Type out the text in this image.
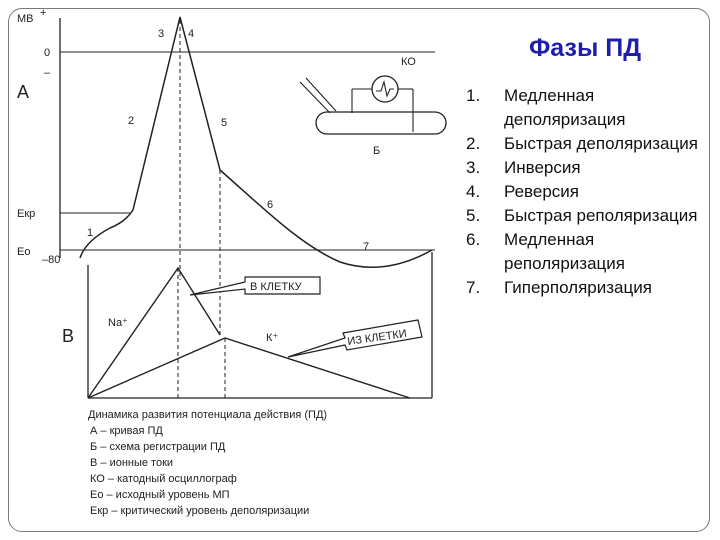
А
В
МВ +
0
–
Екр
Ео
–80
1
2
3 4
5
6
7
КО
Б
Na⁺
К⁺
В КЛЕТКУ
ИЗ КЛЕТКИ
Динамика развития потенциала действия (ПД)
А – кривая ПД
Б – схема регистрации ПД
В – ионные токи
КО – катодный осциллограф
Ео – исходный уровень МП
Екр – критический уровень деполяризации
Фазы ПД
1.	Медленная деполяризация
2.	Быстрая деполяризация
3.	Инверсия
4.	Реверсия
5.	Быстрая реполяризация
6.	Медленная реполяризация
7.	Гиперполяризация
